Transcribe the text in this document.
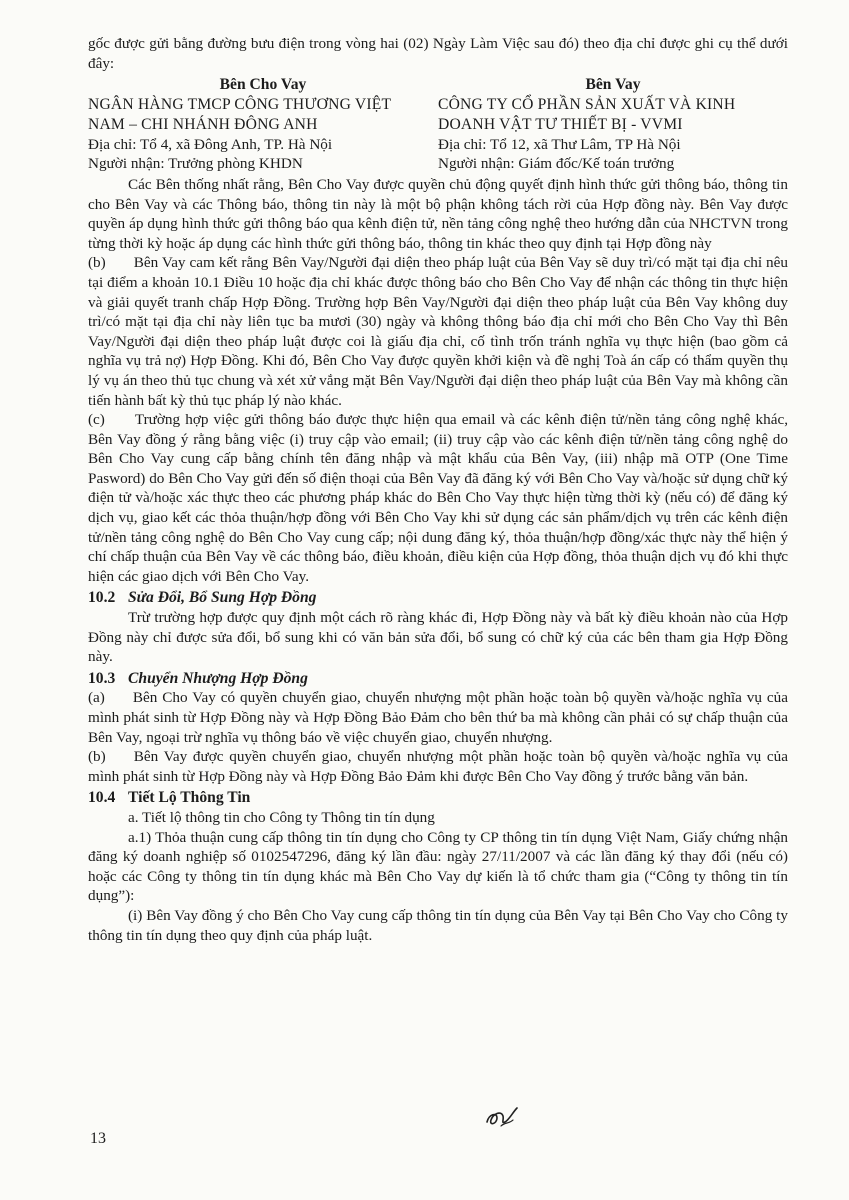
gốc được gửi bằng đường bưu điện trong vòng hai (02) Ngày Làm Việc sau đó) theo địa chỉ được ghi cụ thể dưới đây:

Bên Cho Vay
NGÂN HÀNG TMCP CÔNG THƯƠNG VIỆT
NAM – CHI NHÁNH ĐÔNG ANH
Địa chỉ: Tổ 4, xã Đông Anh, TP. Hà Nội
Người nhận: Trưởng phòng KHDN
Bên Vay
CÔNG TY CỔ PHẦN SẢN XUẤT VÀ KINH
DOANH VẬT TƯ THIẾT BỊ - VVMI
Địa chỉ: Tổ 12, xã Thư Lâm, TP Hà Nội
Người nhận: Giám đốc/Kế toán trưởng

Các Bên thống nhất rằng, Bên Cho Vay được quyền chủ động quyết định hình thức gửi thông báo, thông tin cho Bên Vay và các Thông báo, thông tin này là một bộ phận không tách rời của Hợp đồng này. Bên Vay được quyền áp dụng hình thức gửi thông báo qua kênh điện tử, nền tảng công nghệ theo hướng dẫn của NHCTVN trong từng thời kỳ hoặc áp dụng các hình thức gửi thông báo, thông tin khác theo quy định tại Hợp đồng này

(b) Bên Vay cam kết rằng Bên Vay/Người đại diện theo pháp luật của Bên Vay sẽ duy trì/có mặt tại địa chỉ nêu tại điểm a khoản 10.1 Điều 10 hoặc địa chỉ khác được thông báo cho Bên Cho Vay để nhận các thông tin thực hiện và giải quyết tranh chấp Hợp Đồng. Trường hợp Bên Vay/Người đại diện theo pháp luật của Bên Vay không duy trì/có mặt tại địa chỉ này liên tục ba mươi (30) ngày và không thông báo địa chỉ mới cho Bên Cho Vay thì Bên Vay/Người đại diện theo pháp luật được coi là giấu địa chỉ, cố tình trốn tránh nghĩa vụ thực hiện (bao gồm cả nghĩa vụ trả nợ) Hợp Đồng. Khi đó, Bên Cho Vay được quyền khởi kiện và đề nghị Toà án cấp có thẩm quyền thụ lý vụ án theo thủ tục chung và xét xử vắng mặt Bên Vay/Người đại diện theo pháp luật của Bên Vay mà không cần tiến hành bất kỳ thủ tục pháp lý nào khác.
(c) Trường hợp việc gửi thông báo được thực hiện qua email và các kênh điện tử/nền tảng công nghệ khác, Bên Vay đồng ý rằng bằng việc (i) truy cập vào email; (ii) truy cập vào các kênh điện tử/nền tảng công nghệ do Bên Cho Vay cung cấp bằng chính tên đăng nhập và mật khẩu của Bên Vay, (iii) nhập mã OTP (One Time Pasword) do Bên Cho Vay gửi đến số điện thoại của Bên Vay đã đăng ký với Bên Cho Vay và/hoặc sử dụng chữ ký điện tử và/hoặc xác thực theo các phương pháp khác do Bên Cho Vay thực hiện từng thời kỳ (nếu có) để đăng ký dịch vụ, giao kết các thỏa thuận/hợp đồng với Bên Cho Vay khi sử dụng các sản phẩm/dịch vụ trên các kênh điện tử/nền tảng công nghệ do Bên Cho Vay cung cấp; nội dung đăng ký, thỏa thuận/hợp đồng/xác thực này thể hiện ý chí chấp thuận của Bên Vay về các thông báo, điều khoản, điều kiện của Hợp đồng, thỏa thuận dịch vụ đó khi thực hiện các giao dịch với Bên Cho Vay.
10.2 Sửa Đổi, Bổ Sung Hợp Đồng

Trừ trường hợp được quy định một cách rõ ràng khác đi, Hợp Đồng này và bất kỳ điều khoản nào của Hợp Đồng này chỉ được sửa đổi, bổ sung khi có văn bản sửa đổi, bổ sung có chữ ký của các bên tham gia Hợp Đồng này.

10.3 Chuyển Nhượng Hợp Đồng
(a) Bên Cho Vay có quyền chuyển giao, chuyển nhượng một phần hoặc toàn bộ quyền và/hoặc nghĩa vụ của mình phát sinh từ Hợp Đồng này và Hợp Đồng Bảo Đảm cho bên thứ ba mà không cần phải có sự chấp thuận của Bên Vay, ngoại trừ nghĩa vụ thông báo về việc chuyển giao, chuyển nhượng.
(b) Bên Vay được quyền chuyển giao, chuyển nhượng một phần hoặc toàn bộ quyền và/hoặc nghĩa vụ của mình phát sinh từ Hợp Đồng này và Hợp Đồng Bảo Đảm khi được Bên Cho Vay đồng ý trước bằng văn bản.
10.4 Tiết Lộ Thông Tin

a. Tiết lộ thông tin cho Công ty Thông tin tín dụng

a.1) Thỏa thuận cung cấp thông tin tín dụng cho Công ty CP thông tin tín dụng Việt Nam, Giấy chứng nhận đăng ký doanh nghiệp số 0102547296, đăng ký lần đầu: ngày 27/11/2007 và các lần đăng ký thay đổi (nếu có) hoặc các Công ty thông tin tín dụng khác mà Bên Cho Vay dự kiến là tổ chức tham gia (“Công ty thông tin tín dụng”):

(i) Bên Vay đồng ý cho Bên Cho Vay cung cấp thông tin tín dụng của Bên Vay tại Bên Cho Vay cho Công ty thông tin tín dụng theo quy định của pháp luật.

13
